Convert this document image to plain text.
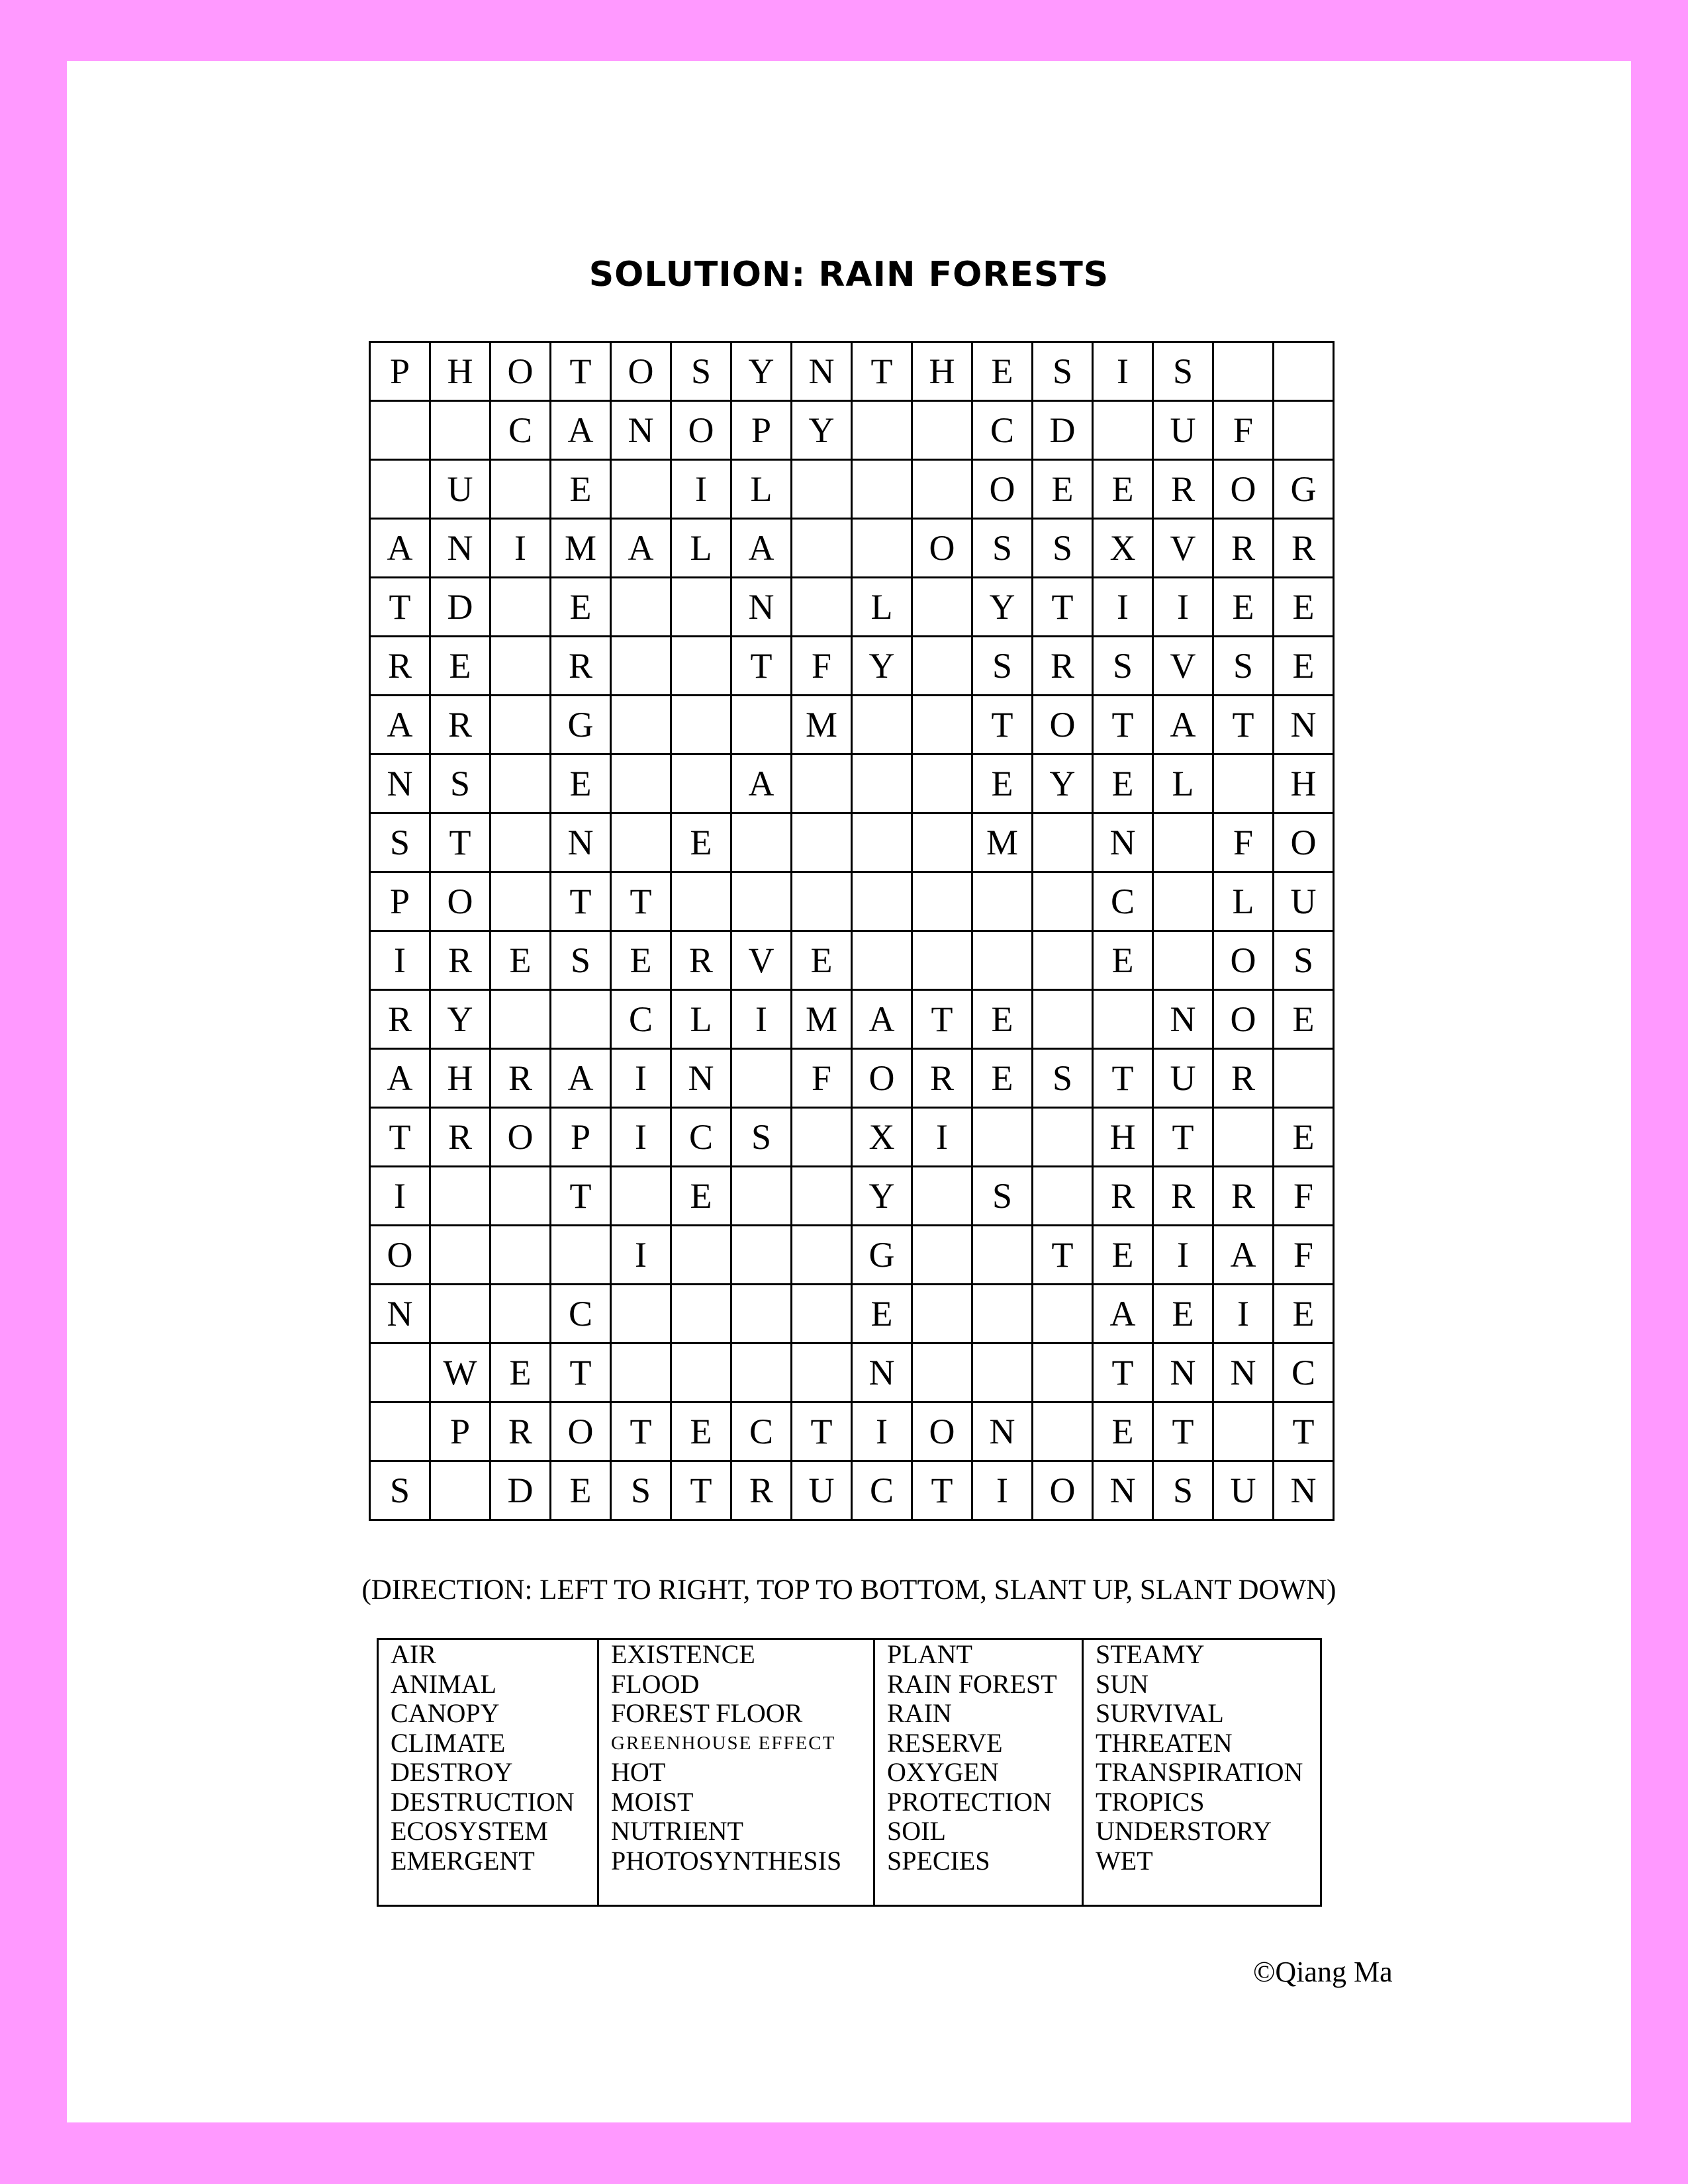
SOLUTION: RAIN FORESTS
P	H	O	T	O	S	Y	N	T	H	E	S	I	S		
		C	A	N	O	P	Y			C	D		U	F	
	U		E		I	L				O	E	E	R	O	G
A	N	I	M	A	L	A			O	S	S	X	V	R	R
T	D		E			N		L		Y	T	I	I	E	E
R	E		R			T	F	Y		S	R	S	V	S	E
A	R		G				M			T	O	T	A	T	N
N	S		E			A				E	Y	E	L		H
S	T		N		E					M		N		F	O
P	O		T	T								C		L	U
I	R	E	S	E	R	V	E					E		O	S
R	Y			C	L	I	M	A	T	E			N	O	E
A	H	R	A	I	N		F	O	R	E	S	T	U	R	
T	R	O	P	I	C	S		X	I			H	T		E
I			T		E			Y		S		R	R	R	F
O				I				G			T	E	I	A	F
N			C					E				A	E	I	E
	W	E	T					N				T	N	N	C
	P	R	O	T	E	C	T	I	O	N		E	T		T
S		D	E	S	T	R	U	C	T	I	O	N	S	U	N
(DIRECTION: LEFT TO RIGHT, TOP TO BOTTOM, SLANT UP, SLANT DOWN)
AIR
ANIMAL
CANOPY
CLIMATE
DESTROY
DESTRUCTION
ECOSYSTEM
EMERGENT

EXISTENCE
FLOOD
FOREST FLOOR
GREENHOUSE EFFECT
HOT
MOIST
NUTRIENT
PHOTOSYNTHESIS

PLANT
RAIN FOREST
RAIN
RESERVE
OXYGEN
PROTECTION
SOIL
SPECIES

STEAMY
SUN
SURVIVAL
THREATEN
TRANSPIRATION
TROPICS
UNDERSTORY
WET
©Qiang Ma
